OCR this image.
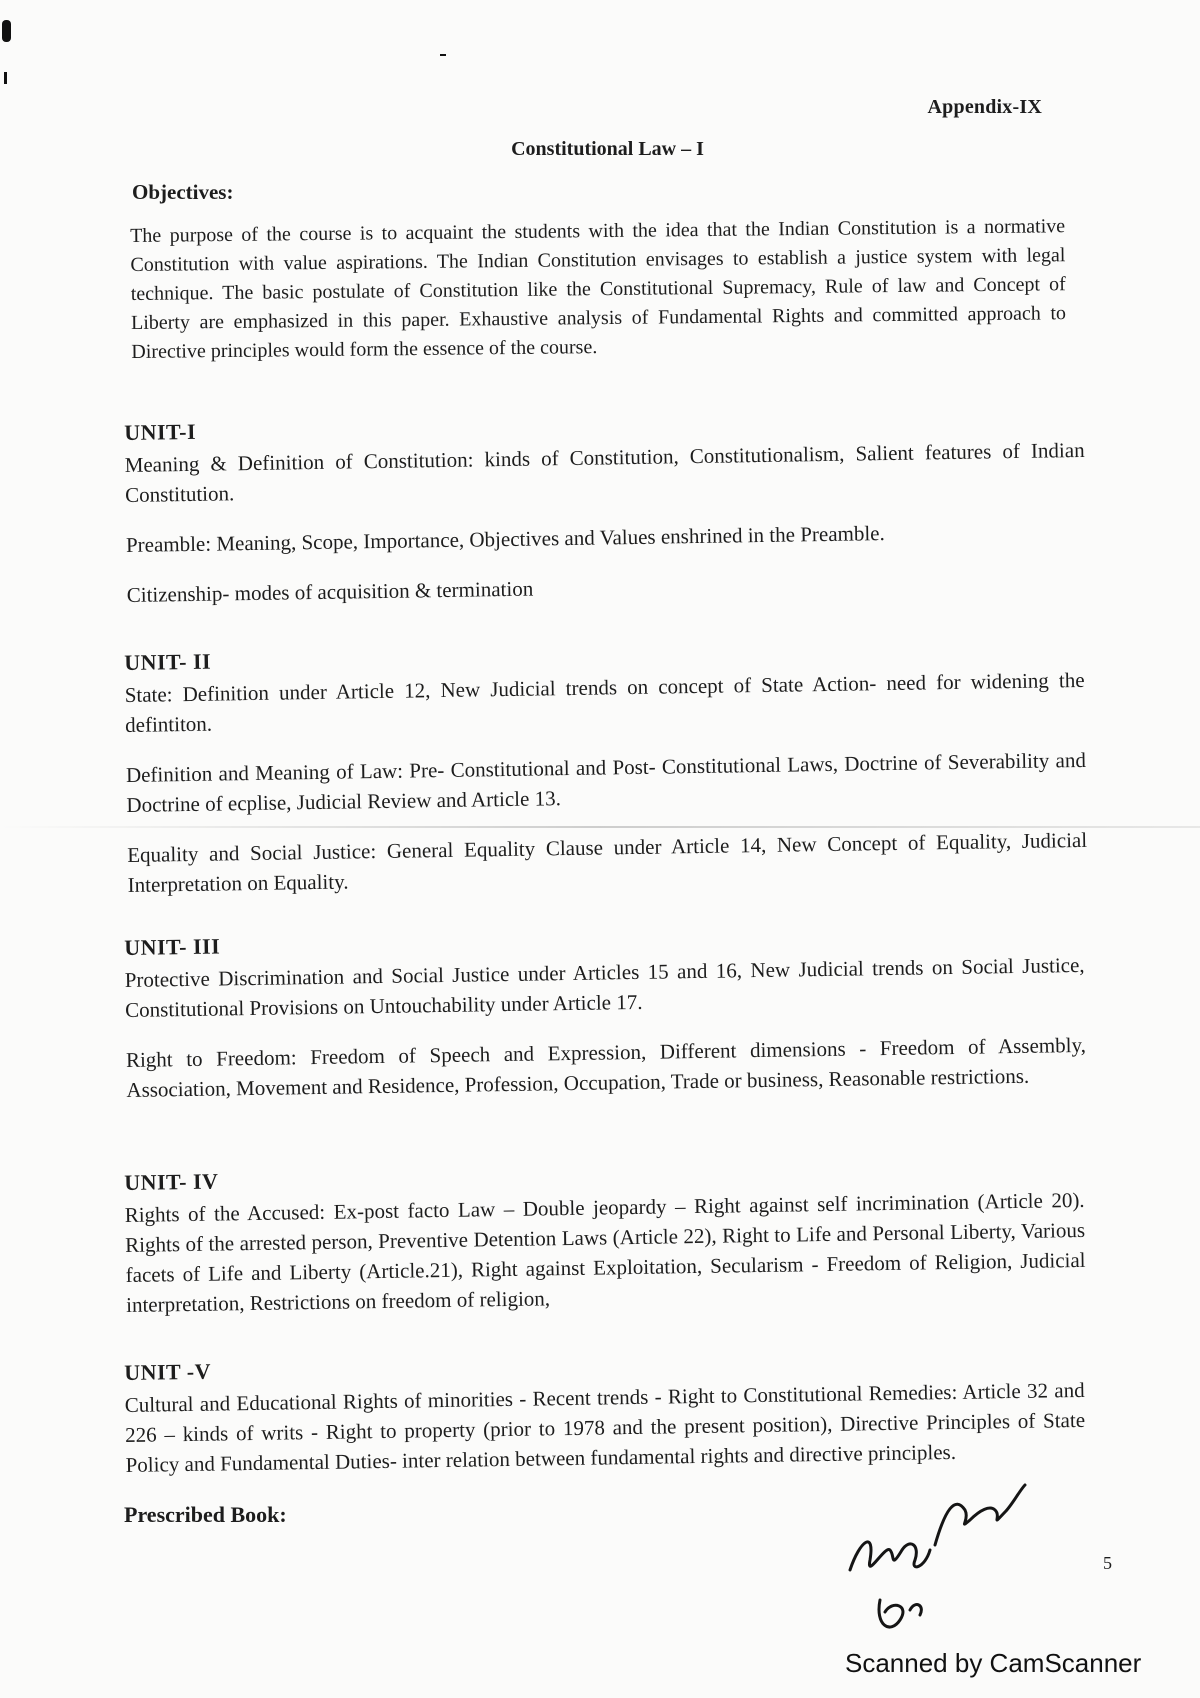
Appendix-IX
Constitutional Law – I
Objectives:
The purpose of the course is to acquaint the students with the idea that the Indian Constitution is a normative Constitution with value aspirations. The Indian Constitution envisages to establish a justice system with legal technique. The basic postulate of Constitution like the Constitutional Supremacy, Rule of law and Concept of Liberty are emphasized in this paper. Exhaustive analysis of Fundamental Rights and committed approach to Directive principles would form the essence of the course.
UNIT-I

Meaning & Definition of Constitution: kinds of Constitution, Constitutionalism, Salient features of Indian Constitution.

Preamble: Meaning, Scope, Importance, Objectives and Values enshrined in the Preamble.

Citizenship- modes of acquisition & termination

UNIT- II

State: Definition under Article 12, New Judicial trends on concept of State Action- need for widening the defintiton.

Definition and Meaning of Law: Pre- Constitutional and Post- Constitutional Laws, Doctrine of Severability and Doctrine of ecplise, Judicial Review and Article 13.

Equality and Social Justice: General Equality Clause under Article 14, New Concept of Equality, Judicial Interpretation on Equality.

UNIT- III

Protective Discrimination and Social Justice under Articles 15 and 16, New Judicial trends on Social Justice, Constitutional Provisions on Untouchability under Article 17.

Right to Freedom: Freedom of Speech and Expression, Different dimensions - Freedom of Assembly, Association, Movement and Residence, Profession, Occupation, Trade or business, Reasonable restrictions.

UNIT- IV

Rights of the Accused: Ex-post facto Law – Double jeopardy – Right against self incrimination (Article 20). Rights of the arrested person, Preventive Detention Laws (Article 22), Right to Life and Personal Liberty, Various facets of Life and Liberty (Article.21), Right against Exploitation, Secularism - Freedom of Religion, Judicial interpretation, Restrictions on freedom of religion,

UNIT -V

Cultural and Educational Rights of minorities - Recent trends - Right to Constitutional Remedies: Article 32 and 226 – kinds of writs - Right to property (prior to 1978 and the present position), Directive Principles of State Policy and Fundamental Duties- inter relation between fundamental rights and directive principles.

Prescribed Book:
5
Scanned by CamScanner
